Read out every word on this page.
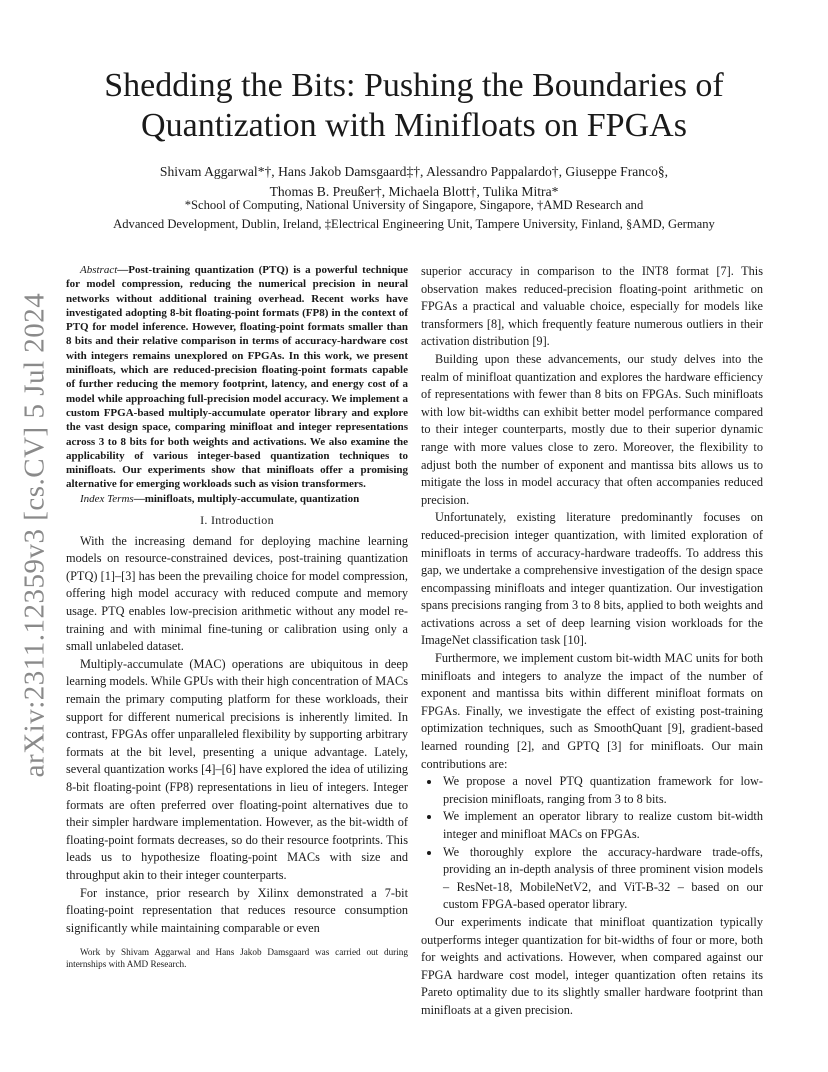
arXiv:2311.12359v3 [cs.CV] 5 Jul 2024
Shedding the Bits: Pushing the Boundaries of Quantization with Minifloats on FPGAs
Shivam Aggarwal*†, Hans Jakob Damsgaard‡†, Alessandro Pappalardo†, Giuseppe Franco§,
Thomas B. Preußer†, Michaela Blott†, Tulika Mitra*
*School of Computing, National University of Singapore, Singapore, †AMD Research and
Advanced Development, Dublin, Ireland, ‡Electrical Engineering Unit, Tampere University, Finland, §AMD, Germany

Abstract—Post-training quantization (PTQ) is a powerful technique for model compression, reducing the numerical precision in neural networks without additional training overhead. Recent works have investigated adopting 8-bit floating-point formats (FP8) in the context of PTQ for model inference. However, floating-point formats smaller than 8 bits and their relative comparison in terms of accuracy-hardware cost with integers remains unexplored on FPGAs. In this work, we present minifloats, which are reduced-precision floating-point formats capable of further reducing the memory footprint, latency, and energy cost of a model while approaching full-precision model accuracy. We implement a custom FPGA-based multiply-accumulate operator library and explore the vast design space, comparing minifloat and integer representations across 3 to 8 bits for both weights and activations. We also examine the applicability of various integer-based quantization techniques to minifloats. Our experiments show that minifloats offer a promising alternative for emerging workloads such as vision transformers.

Index Terms—minifloats, multiply-accumulate, quantization

I. Introduction

With the increasing demand for deploying machine learning models on resource-constrained devices, post-training quantization (PTQ) [1]–[3] has been the prevailing choice for model compression, offering high model accuracy with reduced compute and memory usage. PTQ enables low-precision arithmetic without any model re-training and with minimal fine-tuning or calibration using only a small unlabeled dataset.

Multiply-accumulate (MAC) operations are ubiquitous in deep learning models. While GPUs with their high concentration of MACs remain the primary computing platform for these workloads, their support for different numerical precisions is inherently limited. In contrast, FPGAs offer unparalleled flexibility by supporting arbitrary formats at the bit level, presenting a unique advantage. Lately, several quantization works [4]–[6] have explored the idea of utilizing 8-bit floating-point (FP8) representations in lieu of integers. Integer formats are often preferred over floating-point alternatives due to their simpler hardware implementation. However, as the bit-width of floating-point formats decreases, so do their resource footprints. This leads us to hypothesize floating-point MACs with size and throughput akin to their integer counterparts.

For instance, prior research by Xilinx demonstrated a 7-bit floating-point representation that reduces resource consumption significantly while maintaining comparable or even

Work by Shivam Aggarwal and Hans Jakob Damsgaard was carried out during internships with AMD Research.

superior accuracy in comparison to the INT8 format [7]. This observation makes reduced-precision floating-point arithmetic on FPGAs a practical and valuable choice, especially for models like transformers [8], which frequently feature numerous outliers in their activation distribution [9].

Building upon these advancements, our study delves into the realm of minifloat quantization and explores the hardware efficiency of representations with fewer than 8 bits on FPGAs. Such minifloats with low bit-widths can exhibit better model performance compared to their integer counterparts, mostly due to their superior dynamic range with more values close to zero. Moreover, the flexibility to adjust both the number of exponent and mantissa bits allows us to mitigate the loss in model accuracy that often accompanies reduced precision.

Unfortunately, existing literature predominantly focuses on reduced-precision integer quantization, with limited exploration of minifloats in terms of accuracy-hardware tradeoffs. To address this gap, we undertake a comprehensive investigation of the design space encompassing minifloats and integer quantization. Our investigation spans precisions ranging from 3 to 8 bits, applied to both weights and activations across a set of deep learning vision workloads for the ImageNet classification task [10].

Furthermore, we implement custom bit-width MAC units for both minifloats and integers to analyze the impact of the number of exponent and mantissa bits within different minifloat formats on FPGAs. Finally, we investigate the effect of existing post-training optimization techniques, such as SmoothQuant [9], gradient-based learned rounding [2], and GPTQ [3] for minifloats. Our main contributions are:

• We propose a novel PTQ quantization framework for low-precision minifloats, ranging from 3 to 8 bits.
• We implement an operator library to realize custom bit-width integer and minifloat MACs on FPGAs.
• We thoroughly explore the accuracy-hardware trade-offs, providing an in-depth analysis of three prominent vision models – ResNet-18, MobileNetV2, and ViT-B-32 – based on our custom FPGA-based operator library.

Our experiments indicate that minifloat quantization typically outperforms integer quantization for bit-widths of four or more, both for weights and activations. However, when compared against our FPGA hardware cost model, integer quantization often retains its Pareto optimality due to its slightly smaller hardware footprint than minifloats at a given precision.
